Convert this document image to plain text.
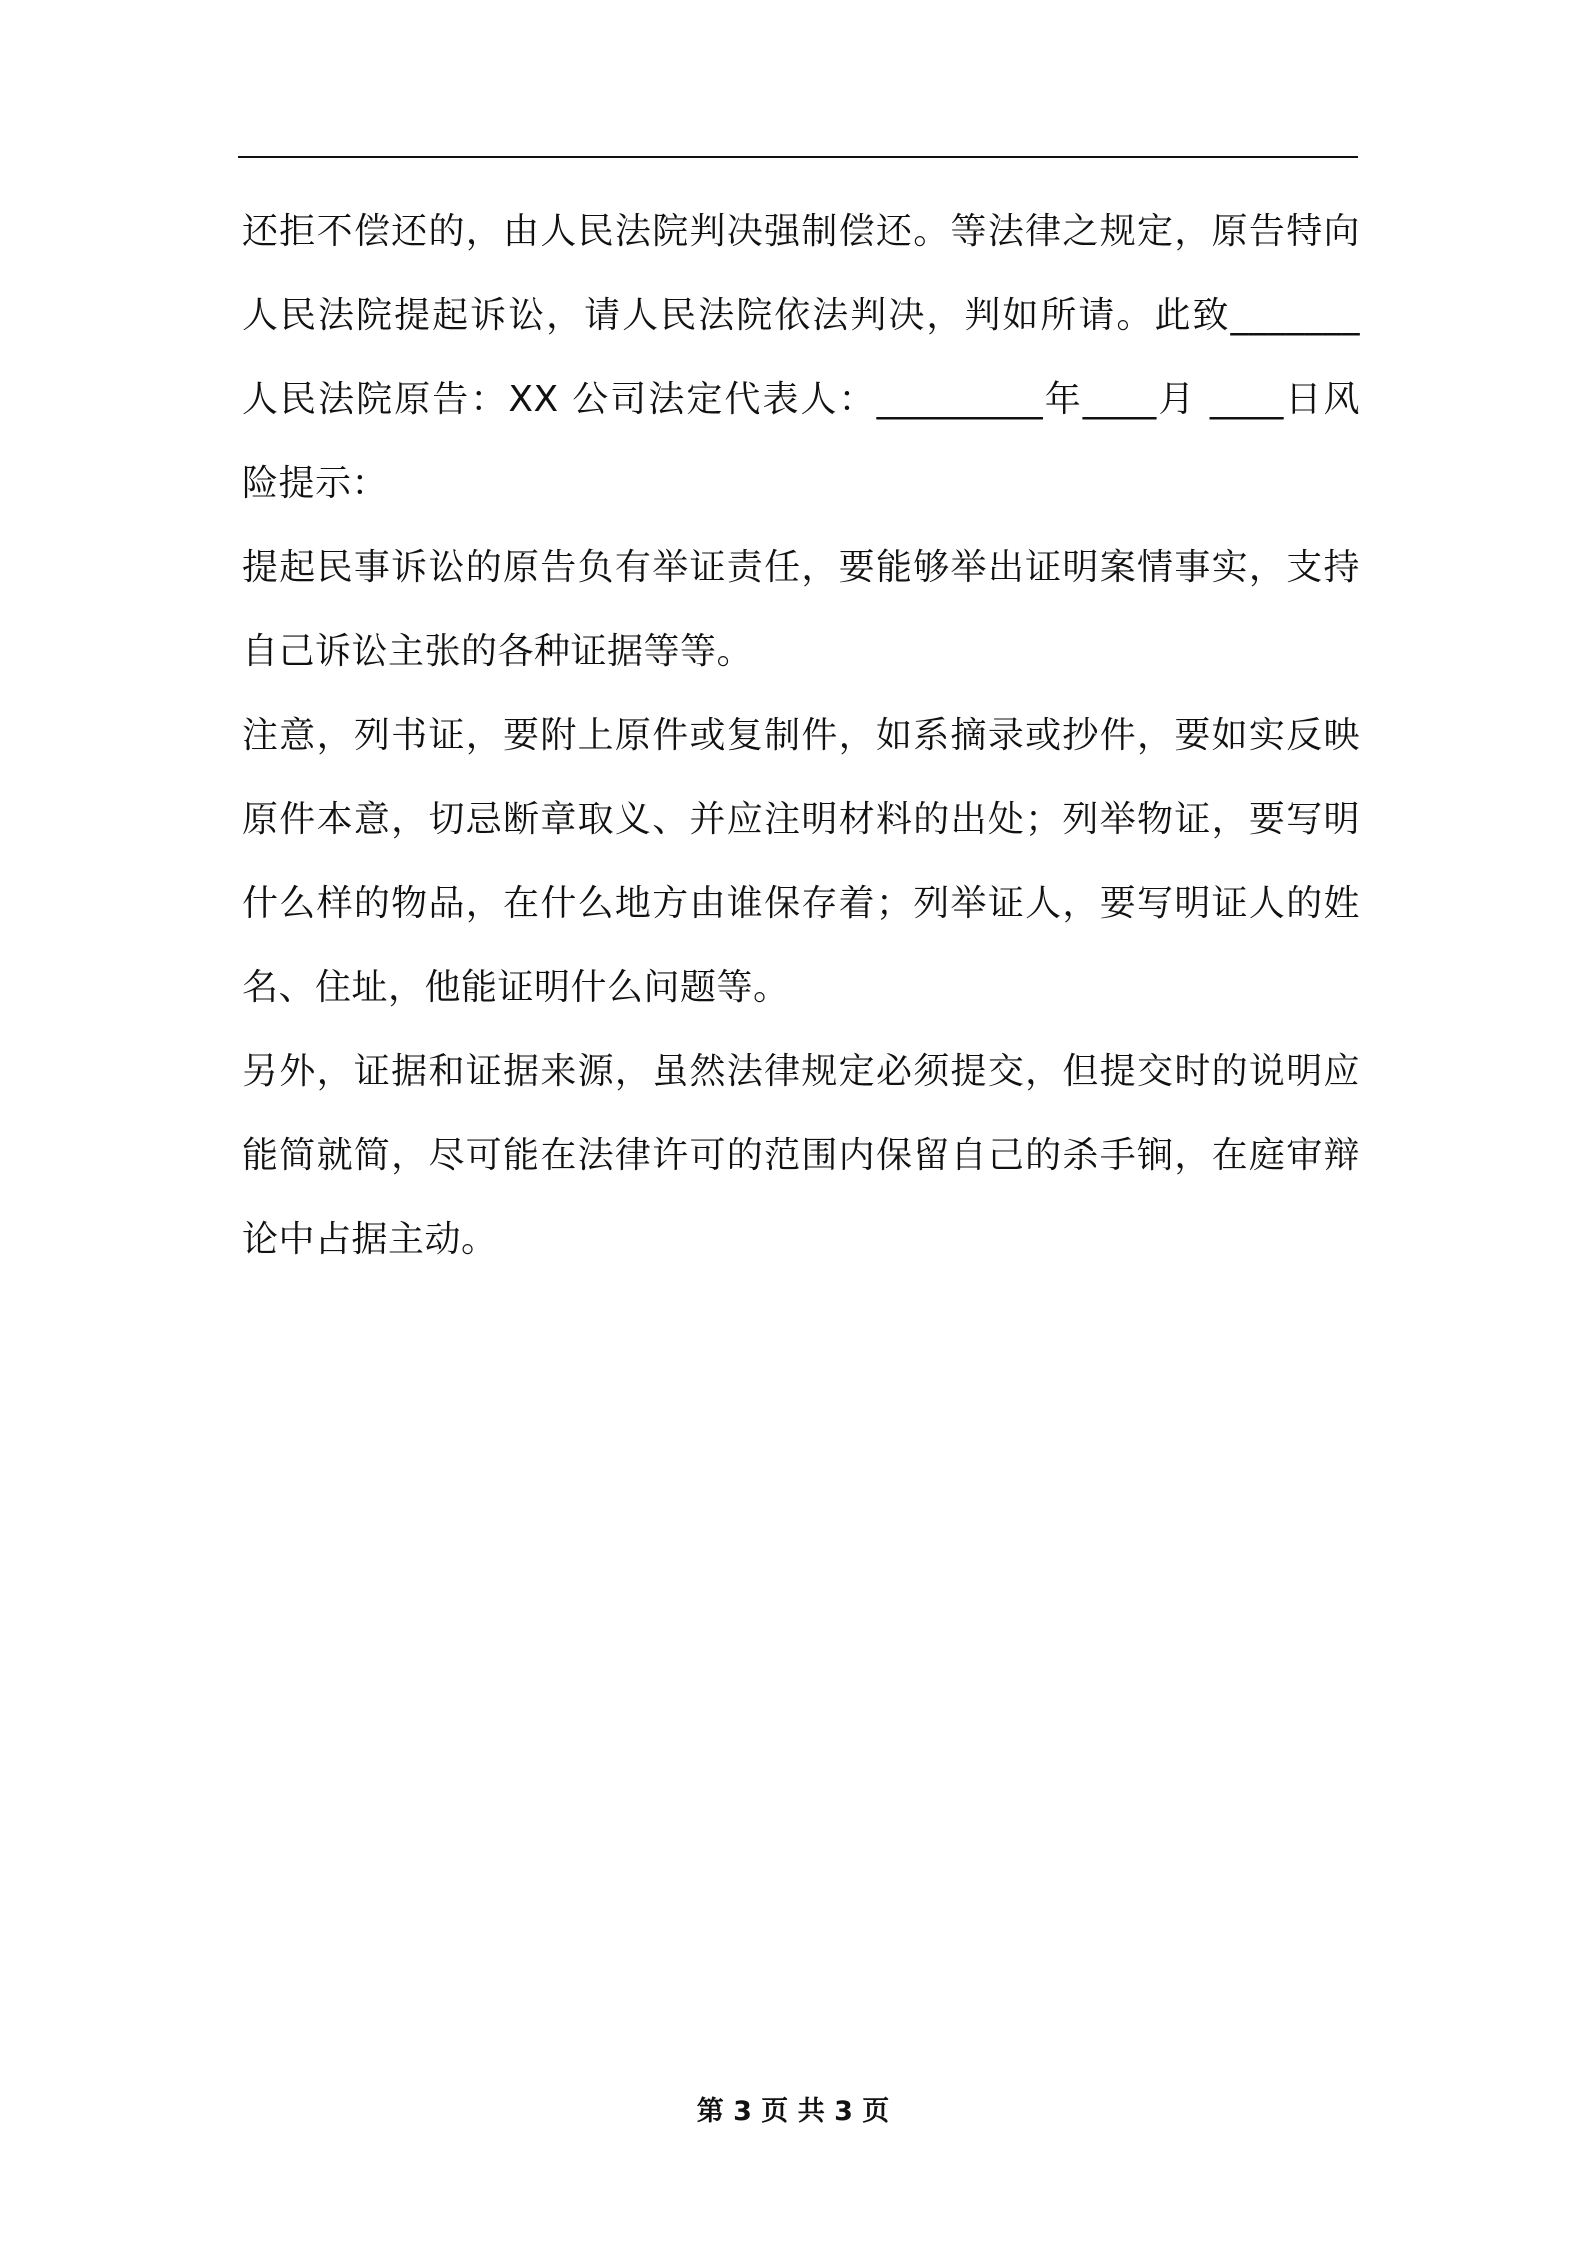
还拒不偿还的，由人民法院判决强制偿还。等法律之规定，原告特向
人民法院提起诉讼，请人民法院依法判决，判如所请。此致_______
人民法院原告：XX 公司法定代表人：_________年____月 ____日风
险提示：
提起民事诉讼的原告负有举证责任，要能够举出证明案情事实，支持
自己诉讼主张的各种证据等等。
注意，列书证，要附上原件或复制件，如系摘录或抄件，要如实反映
原件本意，切忌断章取义、并应注明材料的出处；列举物证，要写明
什么样的物品，在什么地方由谁保存着；列举证人，要写明证人的姓
名、住址，他能证明什么问题等。
另外，证据和证据来源，虽然法律规定必须提交，但提交时的说明应
能简就简，尽可能在法律许可的范围内保留自己的杀手锏，在庭审辩
论中占据主动。
第 3 页 共 3 页
